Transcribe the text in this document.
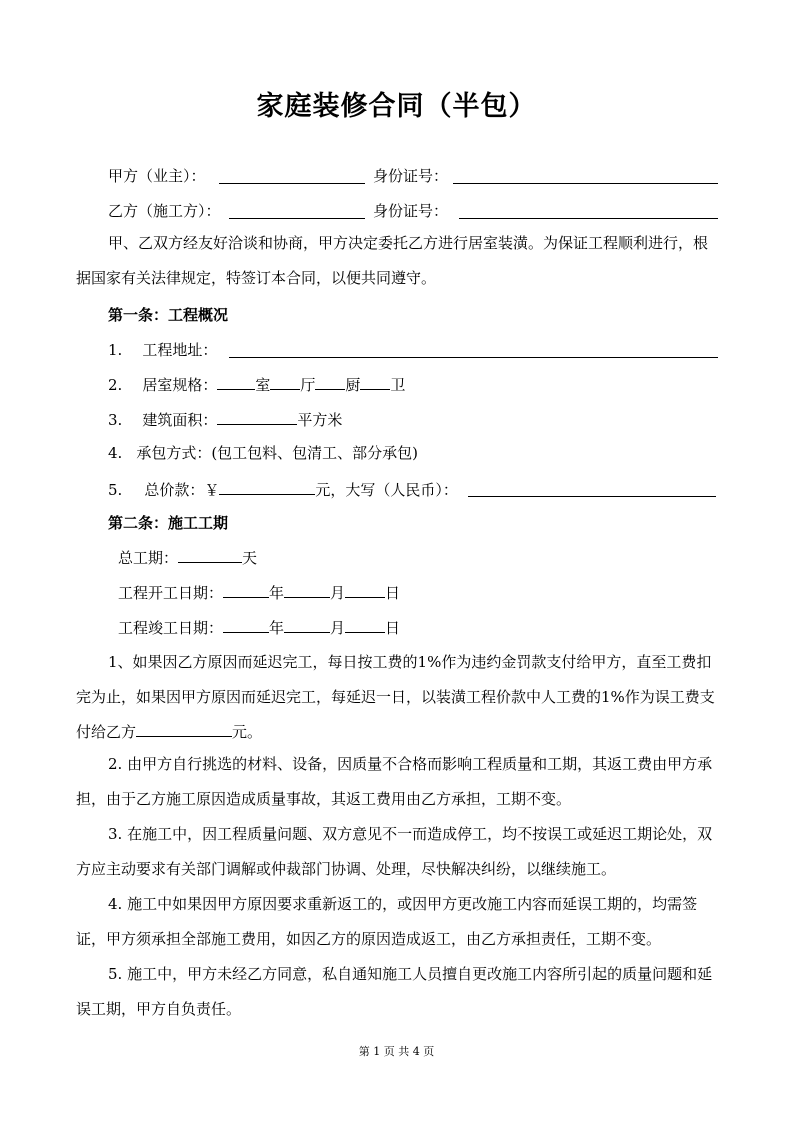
家庭装修合同（半包）
甲方（业主）：	身份证号：
乙方（施工方）：	身份证号：
甲、乙双方经友好洽谈和协商，甲方决定委托乙方进行居室装潢。为保证工程顺利进行，根据国家有关法律规定，特签订本合同，以便共同遵守。
第一条：工程概况
1. 工程地址：
2. 居室规格：	室 厅 厨 卫
3. 建筑面积：	平方米
4. 承包方式：(包工包料、包清工、部分承包)
5. 总价款：￥	元，大写（人民币）：
第二条：施工工期
总工期：	天
工程开工日期：	年	月	日
工程竣工日期：	年	月	日
1、如果因乙方原因而延迟完工，每日按工费的1%作为违约金罚款支付给甲方，直至工费扣完为止，如果因甲方原因而延迟完工，每延迟一日，以装潢工程价款中人工费的1%作为误工费支付给乙方	元。
2. 由甲方自行挑选的材料、设备，因质量不合格而影响工程质量和工期，其返工费由甲方承担，由于乙方施工原因造成质量事故，其返工费用由乙方承担，工期不变。
3. 在施工中，因工程质量问题、双方意见不一而造成停工，均不按误工或延迟工期论处，双方应主动要求有关部门调解或仲裁部门协调、处理，尽快解决纠纷，以继续施工。
4. 施工中如果因甲方原因要求重新返工的，或因甲方更改施工内容而延误工期的，均需签证，甲方须承担全部施工费用，如因乙方的原因造成返工，由乙方承担责任，工期不变。
5. 施工中，甲方未经乙方同意，私自通知施工人员擅自更改施工内容所引起的质量问题和延误工期，甲方自负责任。
第 1 页 共 4 页
